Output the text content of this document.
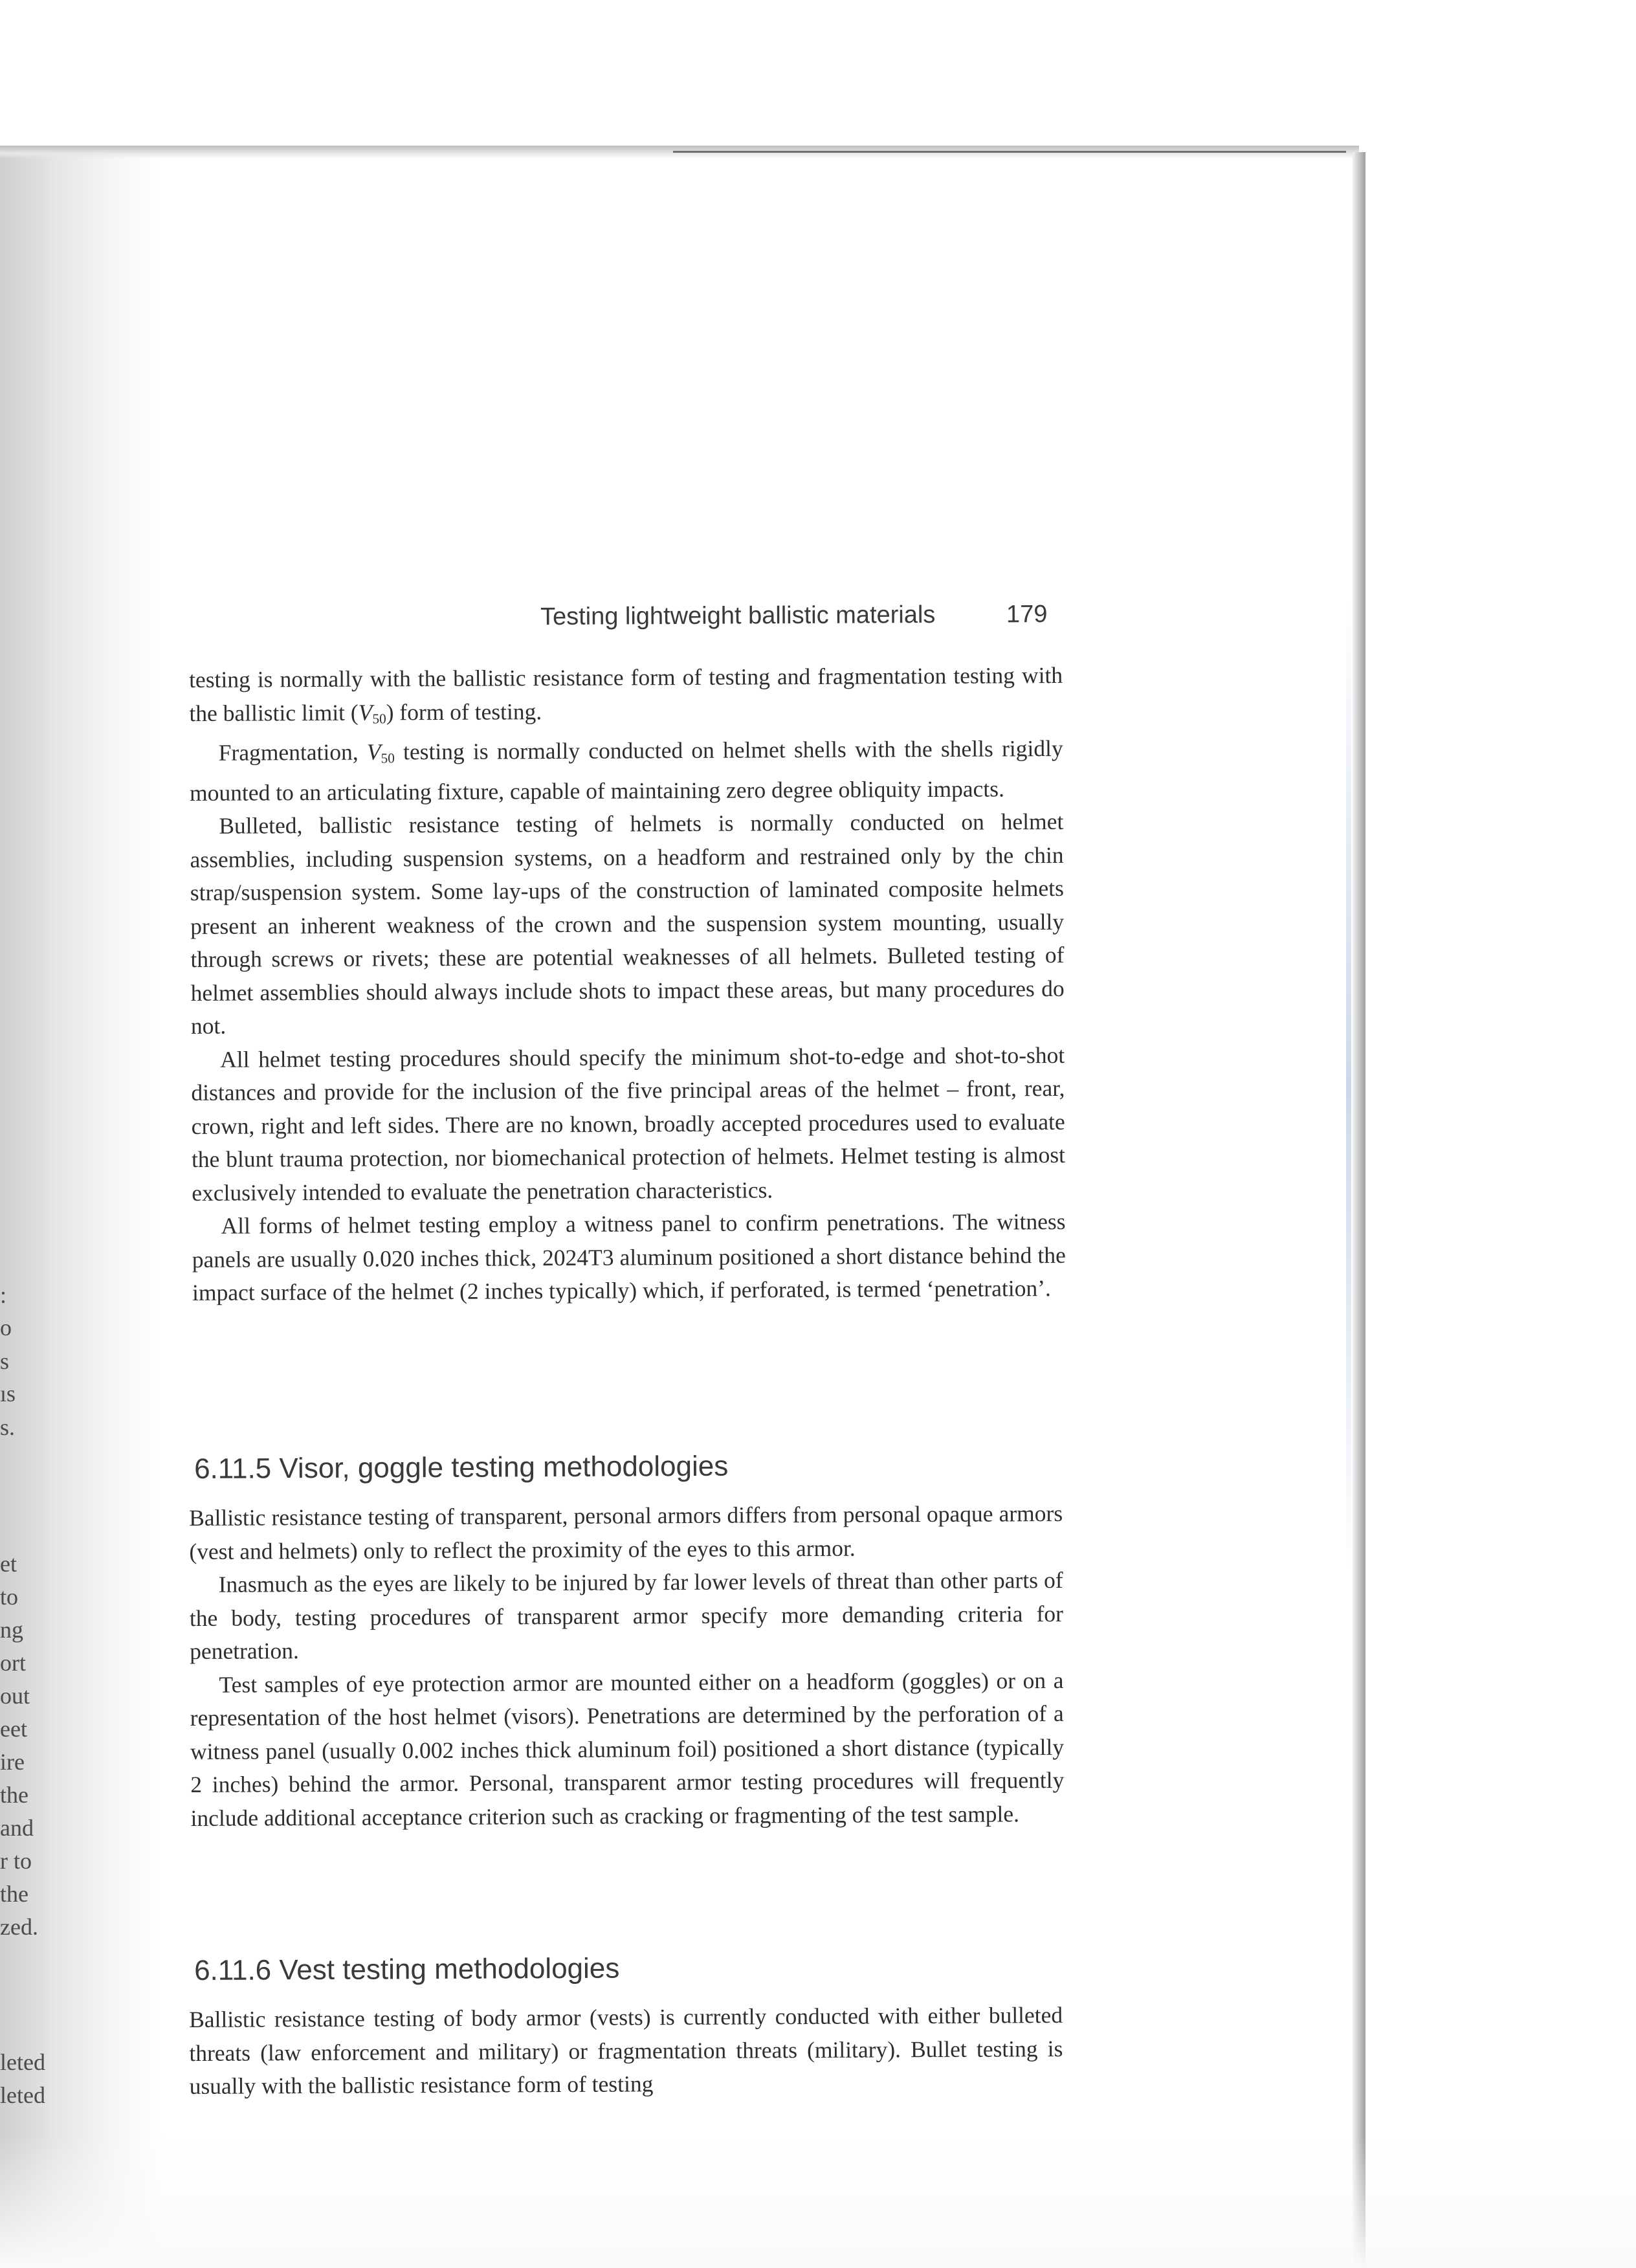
:
o
s
ıs
s.
et
to
ng
ort
out
eet
ire
the
and
r to
the
zed.
leted
leted
Testing lightweight ballistic materials	179

testing is normally with the ballistic resistance form of testing and fragmentation testing with the ballistic limit $(V_{50})$ form of testing.

Fragmentation, $V_{50}$ testing is normally conducted on helmet shells with the shells rigidly mounted to an articulating fixture, capable of maintaining zero degree obliquity impacts.

Bulleted, ballistic resistance testing of helmets is normally conducted on helmet assemblies, including suspension systems, on a headform and restrained only by the chin strap/suspension system. Some lay-ups of the construction of laminated composite helmets present an inherent weakness of the crown and the suspension system mounting, usually through screws or rivets; these are potential weaknesses of all helmets. Bulleted testing of helmet assemblies should always include shots to impact these areas, but many procedures do not.

All helmet testing procedures should specify the minimum shot-to-edge and shot-to-shot distances and provide for the inclusion of the five principal areas of the helmet – front, rear, crown, right and left sides. There are no known, broadly accepted procedures used to evaluate the blunt trauma protection, nor biomechanical protection of helmets. Helmet testing is almost exclusively intended to evaluate the penetration characteristics.

All forms of helmet testing employ a witness panel to confirm penetrations. The witness panels are usually 0.020 inches thick, 2024T3 aluminum positioned a short distance behind the impact surface of the helmet (2 inches typically) which, if perforated, is termed ‘penetration’.

6.11.5 Visor, goggle testing methodologies

Ballistic resistance testing of transparent, personal armors differs from personal opaque armors (vest and helmets) only to reflect the proximity of the eyes to this armor.

Inasmuch as the eyes are likely to be injured by far lower levels of threat than other parts of the body, testing procedures of transparent armor specify more demanding criteria for penetration.

Test samples of eye protection armor are mounted either on a headform (goggles) or on a representation of the host helmet (visors). Penetrations are determined by the perforation of a witness panel (usually 0.002 inches thick aluminum foil) positioned a short distance (typically 2 inches) behind the armor. Personal, transparent armor testing procedures will frequently include additional acceptance criterion such as cracking or fragmenting of the test sample.

6.11.6 Vest testing methodologies

Ballistic resistance testing of body armor (vests) is currently conducted with either bulleted threats (law enforcement and military) or fragmentation threats (military). Bullet testing is usually with the ballistic resistance form of testing
